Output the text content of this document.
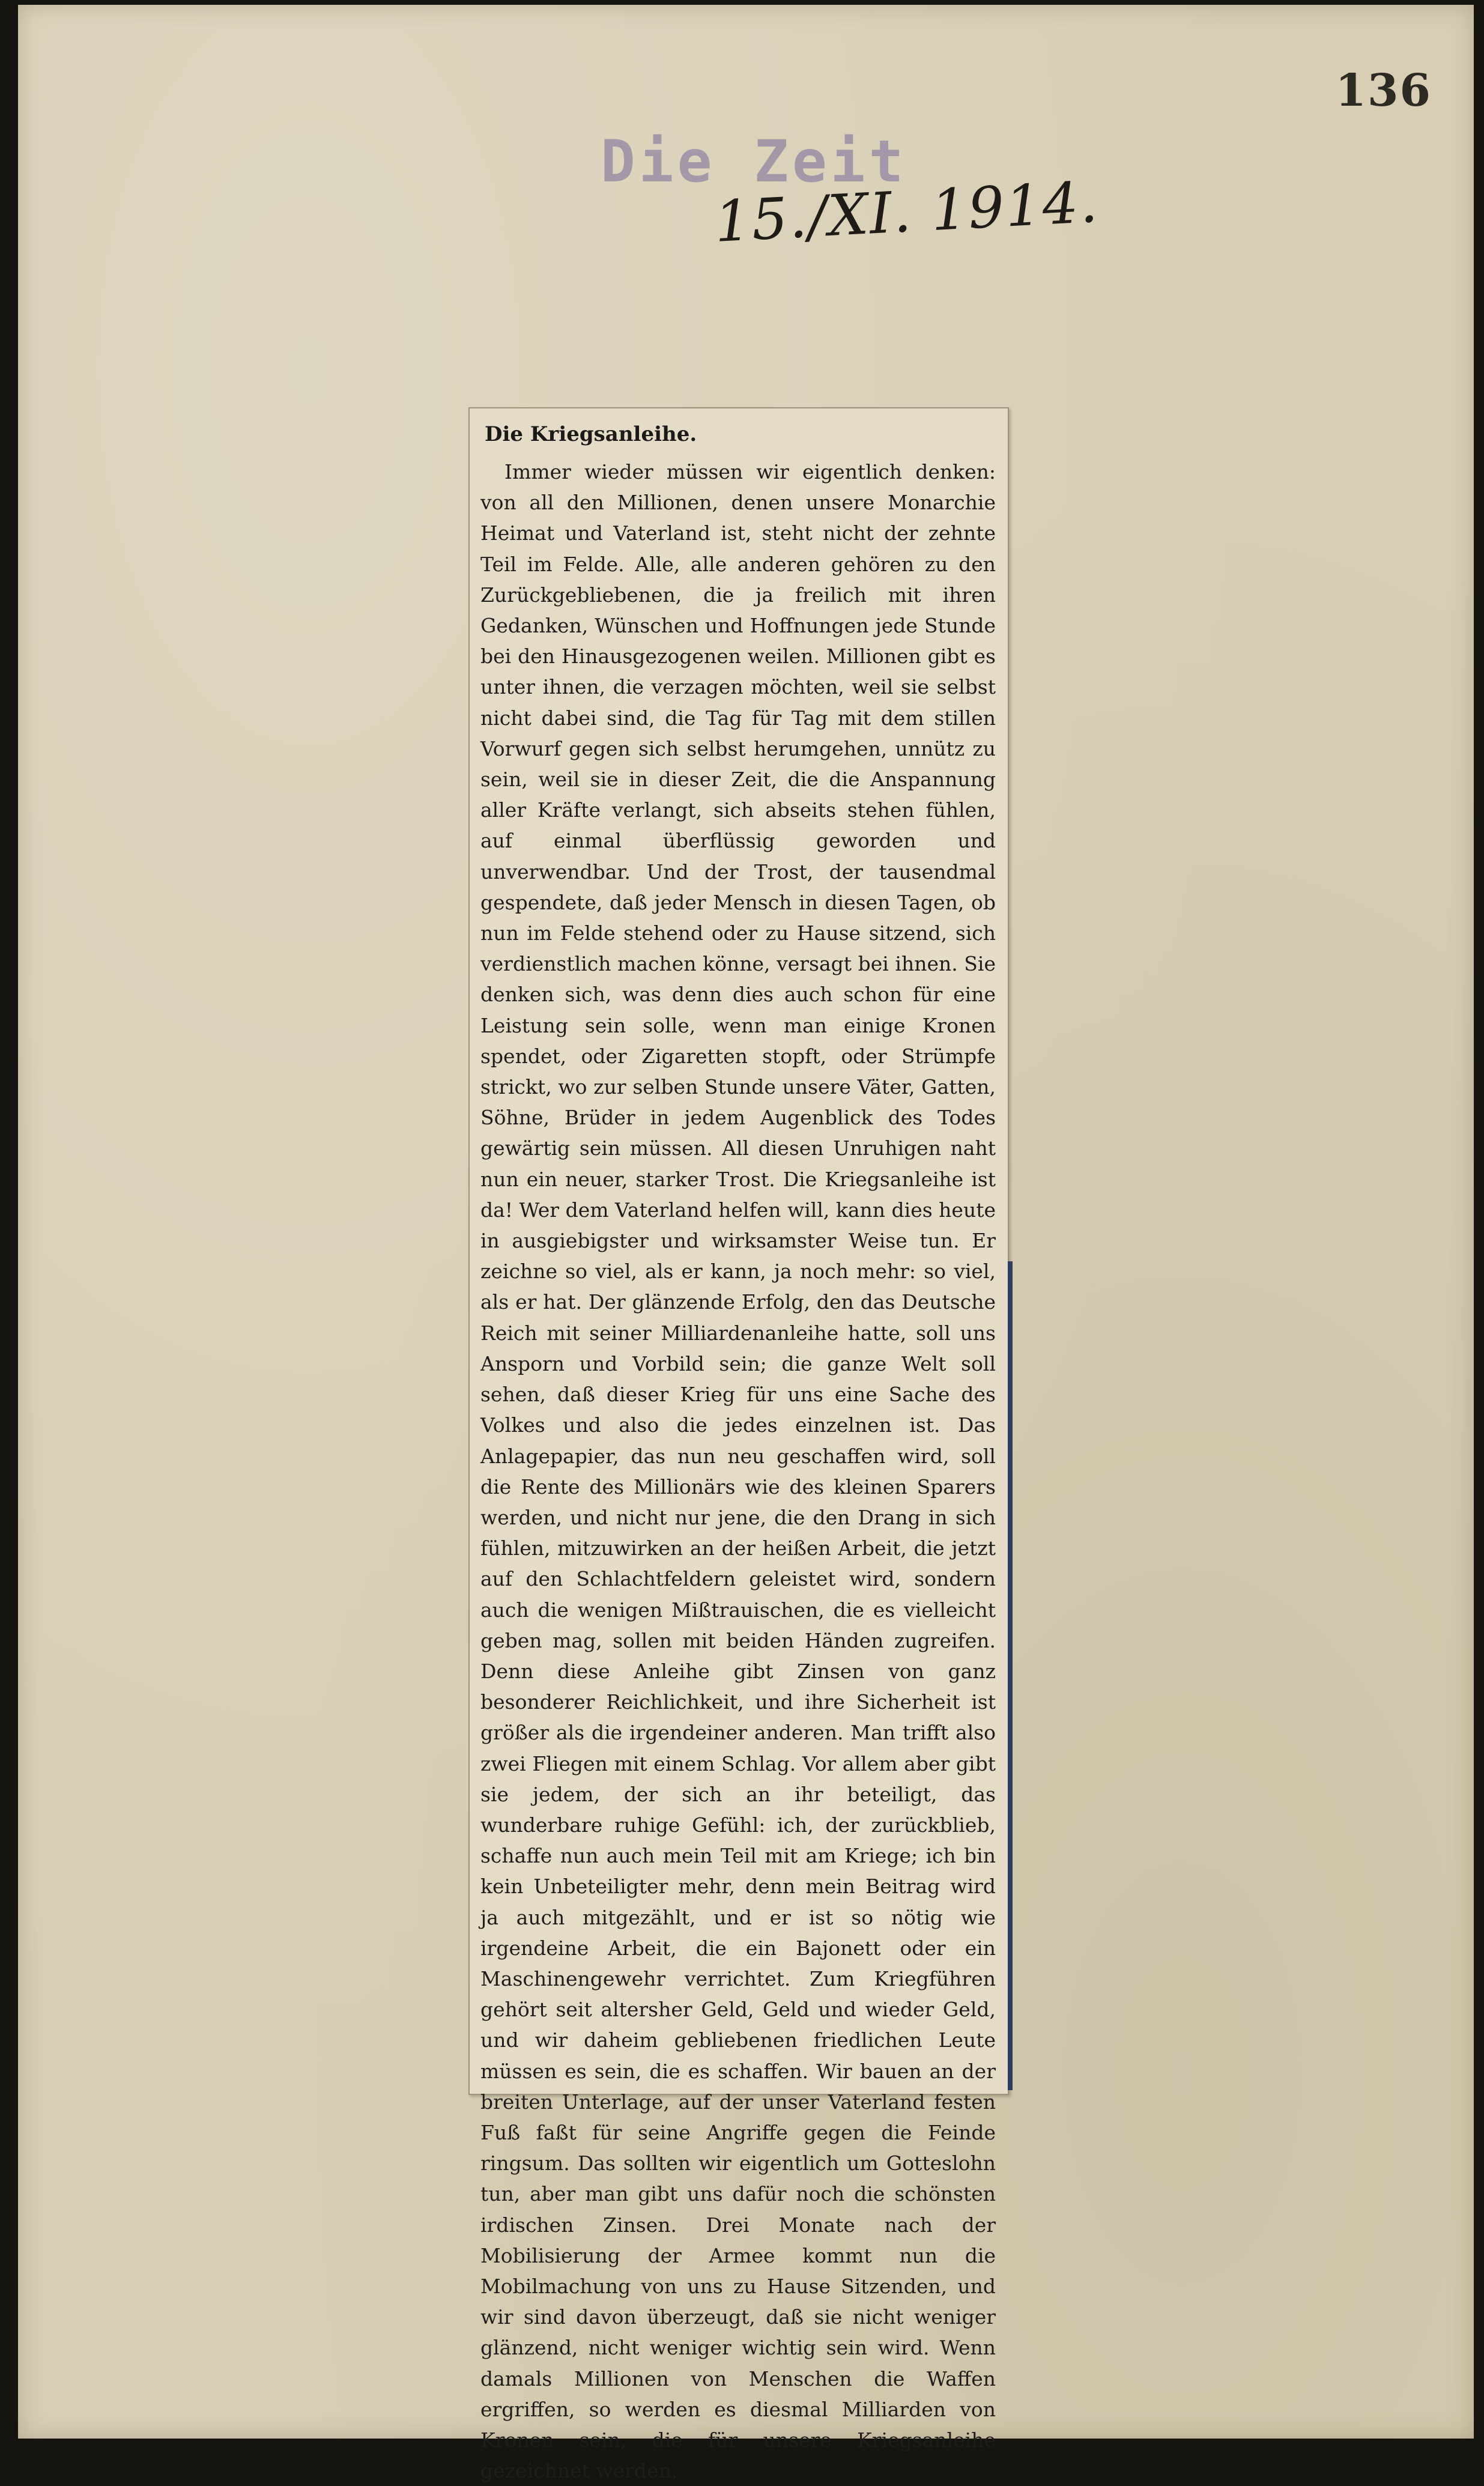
136
Die Zeit
15./XI. 1914.
Die Kriegsanleihe.

Immer wieder müssen wir eigentlich denken: von all den Millionen, denen unsere Monarchie Heimat und Vaterland ist, steht nicht der zehnte Teil im Felde. Alle, alle anderen gehören zu den Zurückgebliebenen, die ja freilich mit ihren Gedanken, Wünschen und Hoffnungen jede Stunde bei den Hinausgezogenen weilen. Millionen gibt es unter ihnen, die verzagen möchten, weil sie selbst nicht dabei sind, die Tag für Tag mit dem stillen Vorwurf gegen sich selbst herumgehen, unnütz zu sein, weil sie in dieser Zeit, die die Anspannung aller Kräfte verlangt, sich abseits stehen fühlen, auf einmal überflüssig geworden und unverwendbar. Und der Trost, der tausendmal gespendete, daß jeder Mensch in diesen Tagen, ob nun im Felde stehend oder zu Hause sitzend, sich verdienstlich machen könne, versagt bei ihnen. Sie denken sich, was denn dies auch schon für eine Leistung sein solle, wenn man einige Kronen spendet, oder Zigaretten stopft, oder Strümpfe strickt, wo zur selben Stunde unsere Väter, Gatten, Söhne, Brüder in jedem Augenblick des Todes gewärtig sein müssen. All diesen Unruhigen naht nun ein neuer, starker Trost. Die Kriegsanleihe ist da! Wer dem Vaterland helfen will, kann dies heute in ausgiebigster und wirksamster Weise tun. Er zeichne so viel, als er kann, ja noch mehr: so viel, als er hat. Der glänzende Erfolg, den das Deutsche Reich mit seiner Milliardenanleihe hatte, soll uns Ansporn und Vorbild sein; die ganze Welt soll sehen, daß dieser Krieg für uns eine Sache des Volkes und also die jedes einzelnen ist. Das Anlagepapier, das nun neu geschaffen wird, soll die Rente des Millionärs wie des kleinen Sparers werden, und nicht nur jene, die den Drang in sich fühlen, mitzuwirken an der heißen Arbeit, die jetzt auf den Schlachtfeldern geleistet wird, sondern auch die wenigen Mißtrauischen, die es vielleicht geben mag, sollen mit beiden Händen zugreifen. Denn diese Anleihe gibt Zinsen von ganz besonderer Reichlichkeit, und ihre Sicherheit ist größer als die irgendeiner anderen. Man trifft also zwei Fliegen mit einem Schlag. Vor allem aber gibt sie jedem, der sich an ihr beteiligt, das wunderbare ruhige Gefühl: ich, der zurückblieb, schaffe nun auch mein Teil mit am Kriege; ich bin kein Unbeteiligter mehr, denn mein Beitrag wird ja auch mitgezählt, und er ist so nötig wie irgendeine Arbeit, die ein Bajonett oder ein Maschinengewehr verrichtet. Zum Kriegführen gehört seit altersher Geld, Geld und wieder Geld, und wir daheim gebliebenen friedlichen Leute müssen es sein, die es schaffen. Wir bauen an der breiten Unterlage, auf der unser Vaterland festen Fuß faßt für seine Angriffe gegen die Feinde ringsum. Das sollten wir eigentlich um Gotteslohn tun, aber man gibt uns dafür noch die schönsten irdischen Zinsen. Drei Monate nach der Mobilisierung der Armee kommt nun die Mobilmachung von uns zu Hause Sitzenden, und wir sind davon überzeugt, daß sie nicht weniger glänzend, nicht weniger wichtig sein wird. Wenn damals Millionen von Menschen die Waffen ergriffen, so werden es diesmal Milliarden von Kronen sein, die für unsere Kriegsanleihe gezeichnet werden.
